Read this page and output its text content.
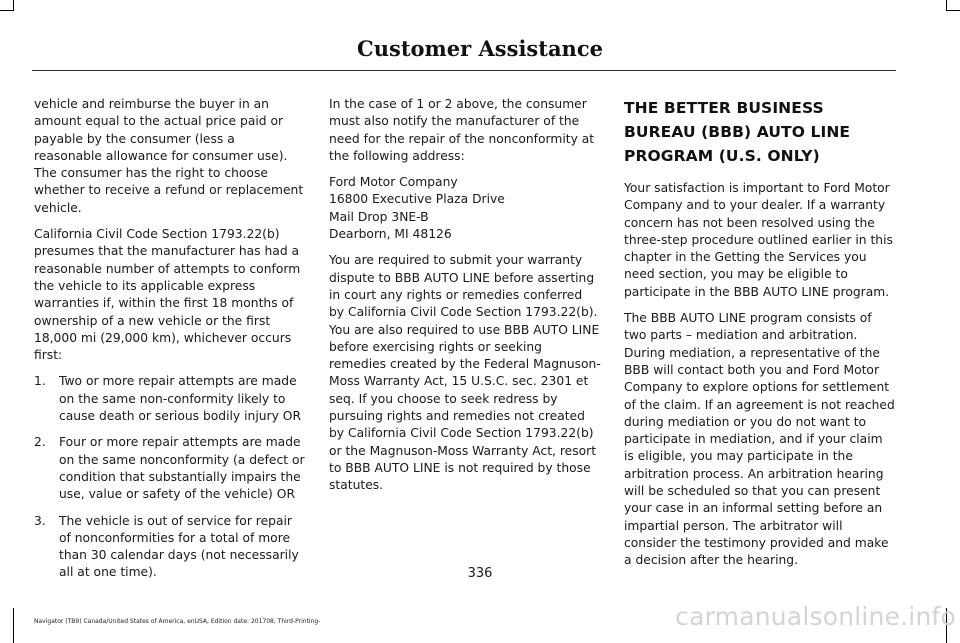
Customer Assistance

vehicle and reimburse the buyer in an amount equal to the actual price paid or payable by the consumer (less a reasonable allowance for consumer use). The consumer has the right to choose whether to receive a refund or replacement vehicle.

California Civil Code Section 1793.22(b) presumes that the manufacturer has had a reasonable number of attempts to conform the vehicle to its applicable express warranties if, within the first 18 months of ownership of a new vehicle or the first 18,000 mi (29,000 km), whichever occurs first:

1. Two or more repair attempts are made on the same non-conformity likely to cause death or serious bodily injury OR
2. Four or more repair attempts are made on the same nonconformity (a defect or condition that substantially impairs the use, value or safety of the vehicle) OR
3. The vehicle is out of service for repair of nonconformities for a total of more than 30 calendar days (not necessarily all at one time).

In the case of 1 or 2 above, the consumer must also notify the manufacturer of the need for the repair of the nonconformity at the following address:

Ford Motor Company

16800 Executive Plaza Drive

Mail Drop 3NE-B

Dearborn, MI 48126

You are required to submit your warranty dispute to BBB AUTO LINE before asserting in court any rights or remedies conferred by California Civil Code Section 1793.22(b). You are also required to use BBB AUTO LINE before exercising rights or seeking remedies created by the Federal Magnuson-Moss Warranty Act, 15 U.S.C. sec. 2301 et seq. If you choose to seek redress by pursuing rights and remedies not created by California Civil Code Section 1793.22(b) or the Magnuson-Moss Warranty Act, resort to BBB AUTO LINE is not required by those statutes.

THE BETTER BUSINESS BUREAU (BBB) AUTO LINE PROGRAM (U.S. ONLY)

Your satisfaction is important to Ford Motor Company and to your dealer. If a warranty concern has not been resolved using the three-step procedure outlined earlier in this chapter in the Getting the Services you need section, you may be eligible to participate in the BBB AUTO LINE program.

The BBB AUTO LINE program consists of two parts – mediation and arbitration. During mediation, a representative of the BBB will contact both you and Ford Motor Company to explore options for settlement of the claim. If an agreement is not reached during mediation or you do not want to participate in mediation, and if your claim is eligible, you may participate in the arbitration process. An arbitration hearing will be scheduled so that you can present your case in an informal setting before an impartial person. The arbitrator will consider the testimony provided and make a decision after the hearing.

336
Navigator (TB9) Canada/United States of America, enUSA, Edition date: 201708, Third-Printing-	carmanualsonline.info
